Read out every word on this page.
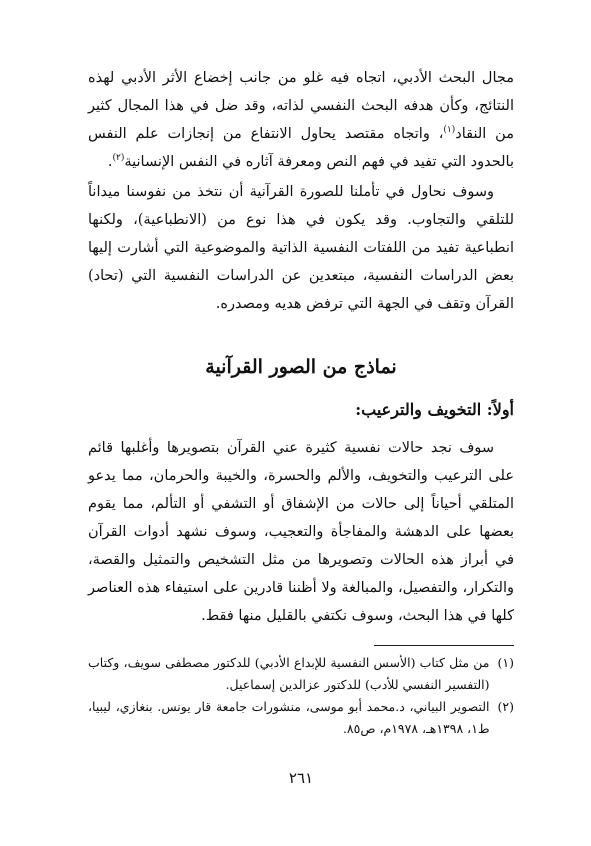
مجال البحث الأدبي، اتجاه فيه غلو من جانب إخضاع الأثر الأدبي لهذه النتائج، وكأن هدفه البحث النفسي لذاته، وقد ضل في هذا المجال كثير من النقاد$^{(١)}$، واتجاه مقتصد يحاول الانتفاع من إنجازات علم النفس بالحدود التي تفيد في فهم النص ومعرفة آثاره في النفس الإنسانية$^{(٢)}$.

وسوف نحاول في تأملنا للصورة القرآنية أن نتخذ من نفوسنا ميداناً للتلقي والتجاوب. وقد يكون في هذا نوع من (الانطباعية)، ولكنها انطباعية تفيد من اللفتات النفسية الذاتية والموضوعية التي أشارت إليها بعض الدراسات النفسية، مبتعدين عن الدراسات النفسية التي (تحاد) القرآن وتقف في الجهة التي ترفض هديه ومصدره.

نماذج من الصور القرآنية
أولاً: التخويف والترعيب:

سوف نجد حالات نفسية كثيرة عني القرآن بتصويرها وأغلبها قائم على الترعيب والتخويف، والألم والحسرة، والخيبة والحرمان، مما يدعو المتلقي أحياناً إلى حالات من الإشفاق أو التشفي أو التألم، مما يقوم بعضها على الدهشة والمفاجأة والتعجيب، وسوف نشهد أدوات القرآن في أبراز هذه الحالات وتصويرها من مثل التشخيص والتمثيل والقصة، والتكرار، والتفصيل، والمبالغة ولا أظننا قادرين على استيفاء هذه العناصر كلها في هذا البحث، وسوف نكتفي بالقليل منها فقط.

(١)
من مثل كتاب (الأسس النفسية للإبداع الأدبي) للدكتور مصطفى سويف، وكتاب (التفسير النفسي للأدب) للدكتور عزالدين إسماعيل.

(٢)
التصوير البياني، د.محمد أبو موسى، منشورات جامعة قار يونس. بنغازي، ليبيا، ط١، ١٣٩٨هـ، ١٩٧٨م، ص٨٥.

٢٦١
